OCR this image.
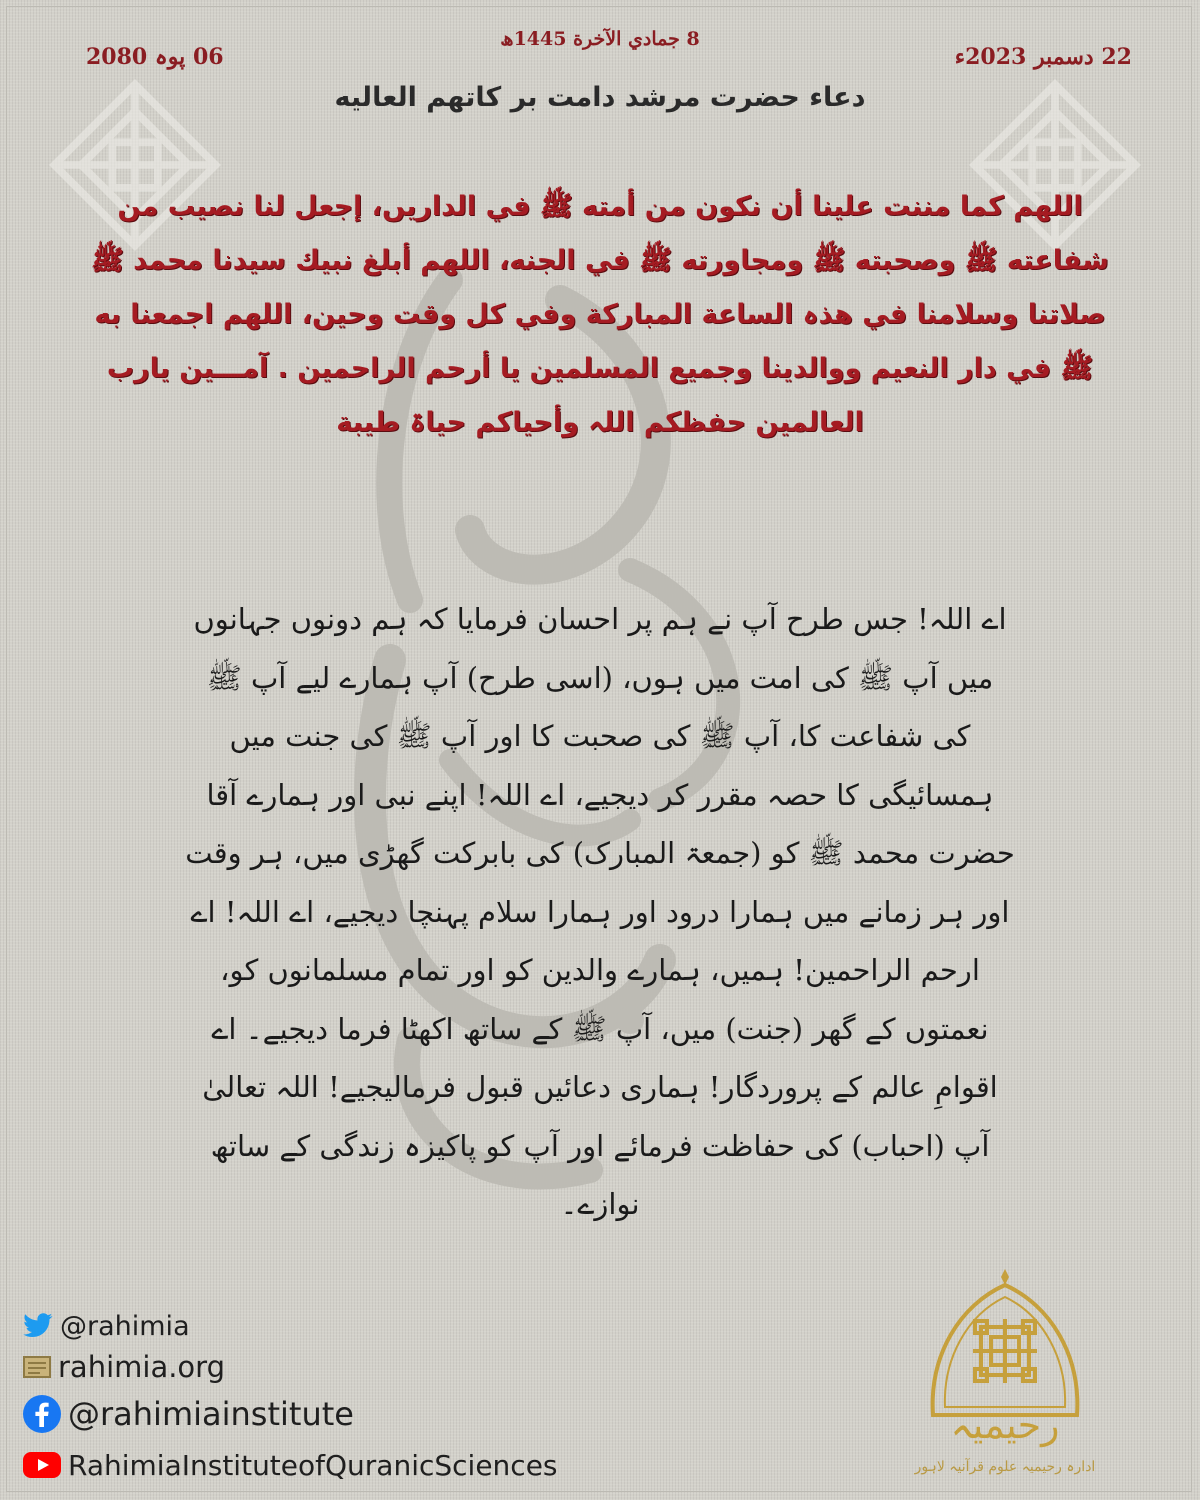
22 دسمبر 2023ء
8 جمادي الآخرة 1445ھ
06 پوہ 2080
دعاء حضرت مرشد دامت بر کاتھم العالیه
اللھم کما مننت علینا أن نکون من أمته ﷺ في الداریں، إجعل لنا نصیب من شفاعته ﷺ وصحبته ﷺ ومجاورته ﷺ في الجنه، اللھم أبلغ نبیك سیدنا محمد ﷺ صلاتنا وسلامنا في ھذہ الساعة المبارکة وفي کل وقت وحین، اللھم اجمعنا به ﷺ في دار النعیم ووالدینا وجمیع المسلمین یا أرحم الراحمین . آمـــین یارب العالمین حفظکم اللہ وأحیاکم حیاۃ طیبة
اے اللہ! جس طرح آپ نے ہم پر احسان فرمایا کہ ہم دونوں جہانوں میں آپ ﷺ کی امت میں ہوں، (اسی طرح) آپ ہمارے لیے آپ ﷺ کی شفاعت کا، آپ ﷺ کی صحبت کا اور آپ ﷺ کی جنت میں ہمسائیگی کا حصہ مقرر کر دیجیے، اے اللہ! اپنے نبی اور ہمارے آقا حضرت محمد ﷺ کو (جمعۃ المبارک) کی بابرکت گھڑی میں، ہر وقت اور ہر زمانے میں ہمارا درود اور ہمارا سلام پہنچا دیجیے، اے اللہ! اے ارحم الراحمین! ہمیں، ہمارے والدین کو اور تمام مسلمانوں کو، نعمتوں کے گھر (جنت) میں، آپ ﷺ کے ساتھ اکھٹا فرما دیجیے۔ اے اقوامِ عالم کے پروردگار! ہماری دعائیں قبول فرمالیجیے! اللہ تعالیٰ آپ (احباب) کی حفاظت فرمائے اور آپ کو پاکیزہ زندگی کے ساتھ نوازے۔
@rahimia
rahimia.org
@rahimiainstitute
RahimiaInstituteofQuranicSciences
رحیمیہ
ادارہ رحیمیہ علوم قرآنیہ لاہور
